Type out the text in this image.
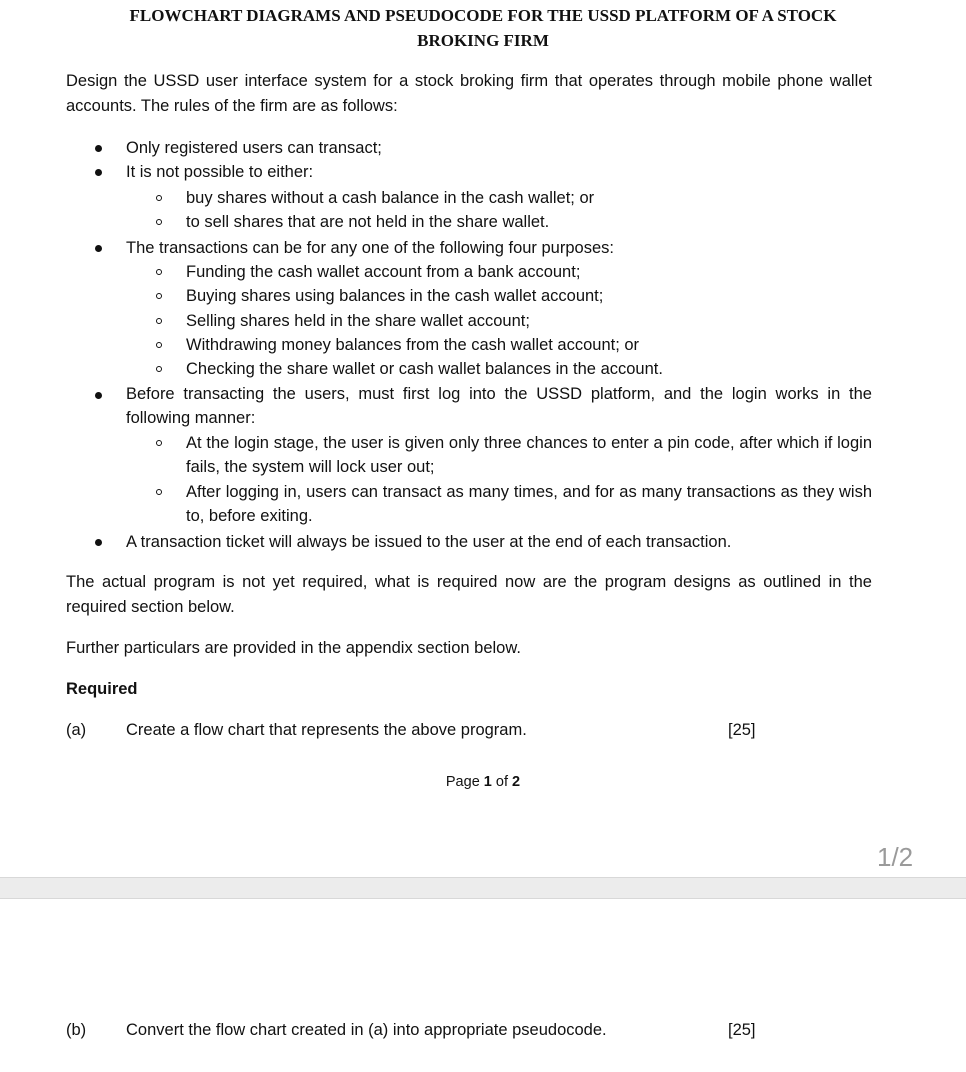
FLOWCHART DIAGRAMS AND PSEUDOCODE FOR THE USSD PLATFORM OF A STOCK
BROKING FIRM
Design the USSD user interface system for a stock broking firm that operates through mobile phone wallet accounts. The rules of the firm are as follows:
Only registered users can transact;
It is not possible to either:
buy shares without a cash balance in the cash wallet; or
to sell shares that are not held in the share wallet.
The transactions can be for any one of the following four purposes:
Funding the cash wallet account from a bank account;
Buying shares using balances in the cash wallet account;
Selling shares held in the share wallet account;
Withdrawing money balances from the cash wallet account; or
Checking the share wallet or cash wallet balances in the account.
Before transacting the users, must first log into the USSD platform, and the login works in the following manner:
At the login stage, the user is given only three chances to enter a pin code, after which if login fails, the system will lock user out;
After logging in, users can transact as many times, and for as many transactions as they wish to, before exiting.
A transaction ticket will always be issued to the user at the end of each transaction.
The actual program is not yet required, what is required now are the program designs as outlined in the required section below.
Further particulars are provided in the appendix section below.
Required
(a) Create a flow chart that represents the above program.	[25]
Page 1 of 2
1/2
(b) Convert the flow chart created in (a) into appropriate pseudocode.	[25]
